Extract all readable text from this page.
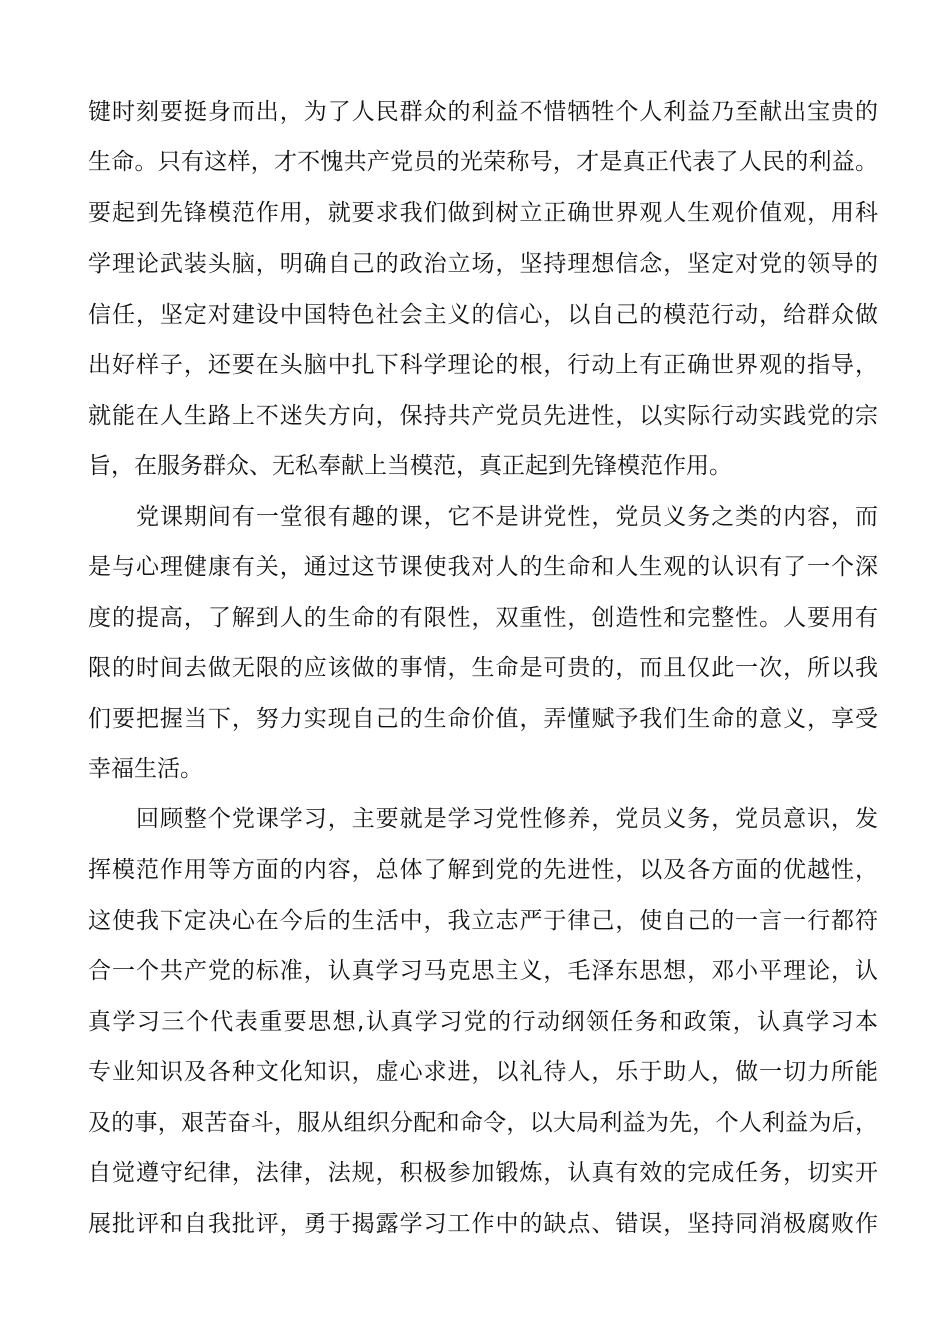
键时刻要挺身而出，为了人民群众的利益不惜牺牲个人利益乃至献出宝贵的
生命。只有这样，才不愧共产党员的光荣称号，才是真正代表了人民的利益。
要起到先锋模范作用，就要求我们做到树立正确世界观人生观价值观，用科
学理论武装头脑，明确自己的政治立场，坚持理想信念，坚定对党的领导的
信任，坚定对建设中国特色社会主义的信心，以自己的模范行动，给群众做
出好样子，还要在头脑中扎下科学理论的根，行动上有正确世界观的指导，
就能在人生路上不迷失方向，保持共产党员先进性，以实际行动实践党的宗
旨，在服务群众、无私奉献上当模范，真正起到先锋模范作用。
党课期间有一堂很有趣的课，它不是讲党性，党员义务之类的内容，而
是与心理健康有关，通过这节课使我对人的生命和人生观的认识有了一个深
度的提高，了解到人的生命的有限性，双重性，创造性和完整性。人要用有
限的时间去做无限的应该做的事情，生命是可贵的，而且仅此一次，所以我
们要把握当下，努力实现自己的生命价值，弄懂赋予我们生命的意义，享受
幸福生活。
回顾整个党课学习，主要就是学习党性修养，党员义务，党员意识，发
挥模范作用等方面的内容，总体了解到党的先进性，以及各方面的优越性，
这使我下定决心在今后的生活中，我立志严于律己，使自己的一言一行都符
合一个共产党的标准，认真学习马克思主义，毛泽东思想，邓小平理论，认
真学习三个代表重要思想,认真学习党的行动纲领任务和政策，认真学习本
专业知识及各种文化知识，虚心求进，以礼待人，乐于助人，做一切力所能
及的事，艰苦奋斗，服从组织分配和命令，以大局利益为先，个人利益为后，
自觉遵守纪律，法律，法规，积极参加锻炼，认真有效的完成任务，切实开
展批评和自我批评，勇于揭露学习工作中的缺点、错误，坚持同消极腐败作
